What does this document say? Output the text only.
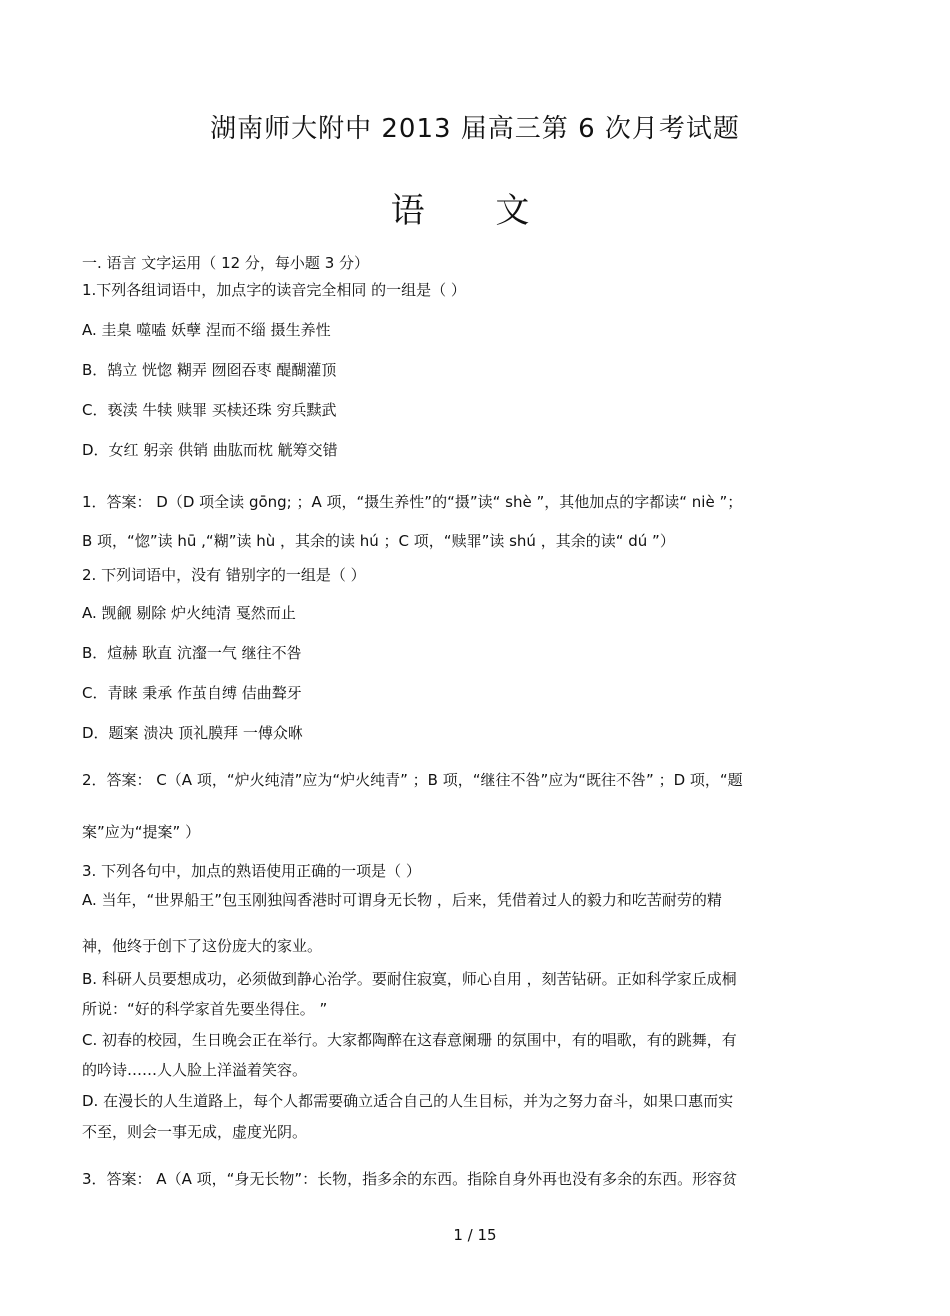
湖南师大附中 2013 届高三第 6 次月考试题
语 文
一. 语言 文字运用（ 12 分，每小题 3 分）
1.下列各组词语中，加点字的读音完全相同 的一组是（ ）
A. 圭臬 噬嗑 妖孽 涅而不缁 摄生养性
B．鹄立 恍惚 糊弄 囫囵吞枣 醍醐灌顶
C．亵渎 牛犊 赎罪 买椟还珠 穷兵黩武
D．女红 躬亲 供销 曲肱而枕 觥筹交错
1．答案： D（D 项全读 gōng; ；A 项，“摄生养性”的“摄”读“ shè ”，其他加点的字都读“ niè ”；
B 项，“惚”读 hū ,“糊”读 hù ，其余的读 hú ；C 项，“赎罪”读 shú ，其余的读“ dú ”）
2. 下列词语中，没有 错别字的一组是（ ）
A. 觊觎 剔除 炉火纯清 戛然而止
B．煊赫 耿直 沆瀣一气 继往不咎
C．青睐 秉承 作茧自缚 佶曲聱牙
D．题案 溃决 顶礼膜拜 一傅众咻
2．答案： C（A 项，“炉火纯清”应为“炉火纯青” ；B 项，“继往不咎”应为“既往不咎” ；D 项，“题
案”应为“提案” ）
3. 下列各句中，加点的熟语使用正确的一项是（ ）
A. 当年，“世界船王”包玉刚独闯香港时可谓身无长物 ，后来，凭借着过人的毅力和吃苦耐劳的精
神，他终于创下了这份庞大的家业。
B. 科研人员要想成功，必须做到静心治学。要耐住寂寞，师心自用 ，刻苦钻研。正如科学家丘成桐
所说：“好的科学家首先要坐得住。 ”
C. 初春的校园，生日晚会正在举行。大家都陶醉在这春意阑珊 的氛围中，有的唱歌，有的跳舞，有
的吟诗……人人脸上洋溢着笑容。
D. 在漫长的人生道路上，每个人都需要确立适合自己的人生目标，并为之努力奋斗，如果口惠而实
不至，则会一事无成，虚度光阴。
3．答案： A（A 项，“身无长物”：长物，指多余的东西。指除自身外再也没有多余的东西。形容贫
1 / 15
